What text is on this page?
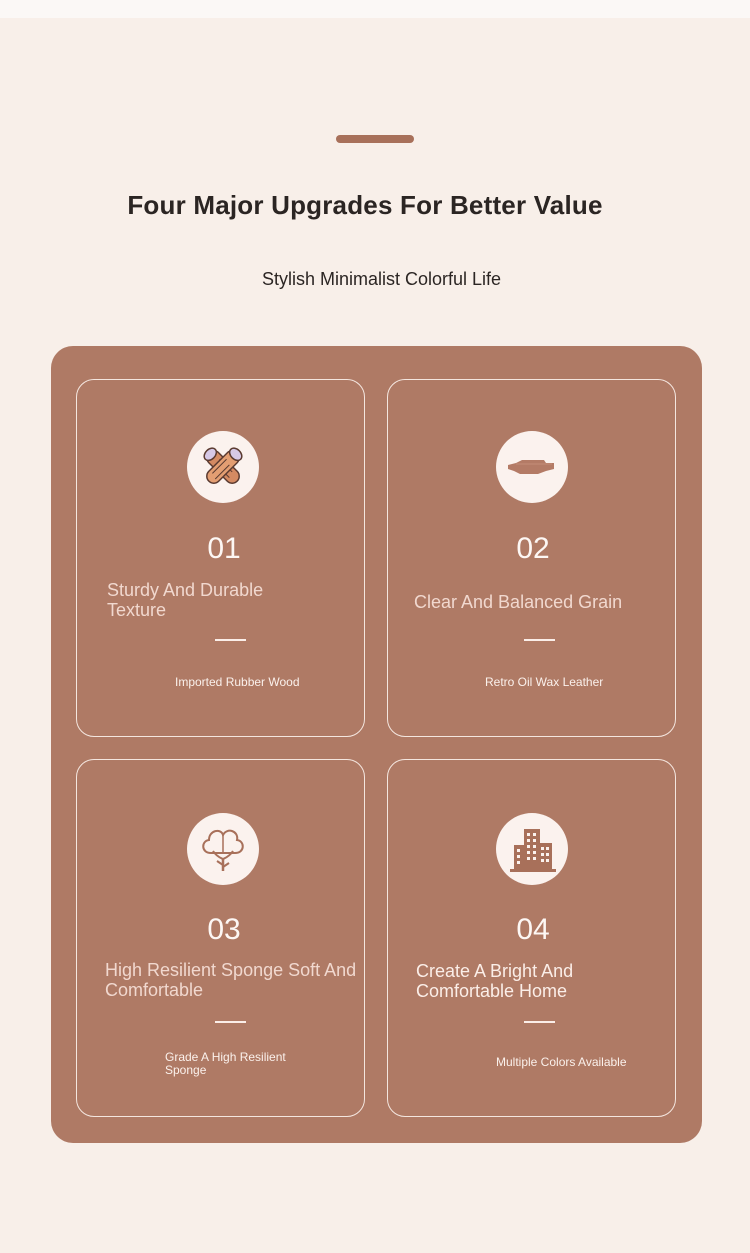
Four Major Upgrades For Better Value
Stylish Minimalist Colorful Life
01
Sturdy And Durable Texture
Imported Rubber Wood
02
Clear And Balanced Grain
Retro Oil Wax Leather
03
High Resilient Sponge Soft And Comfortable
Grade A High Resilient Sponge
04
Create A Bright And Comfortable Home
Multiple Colors Available
